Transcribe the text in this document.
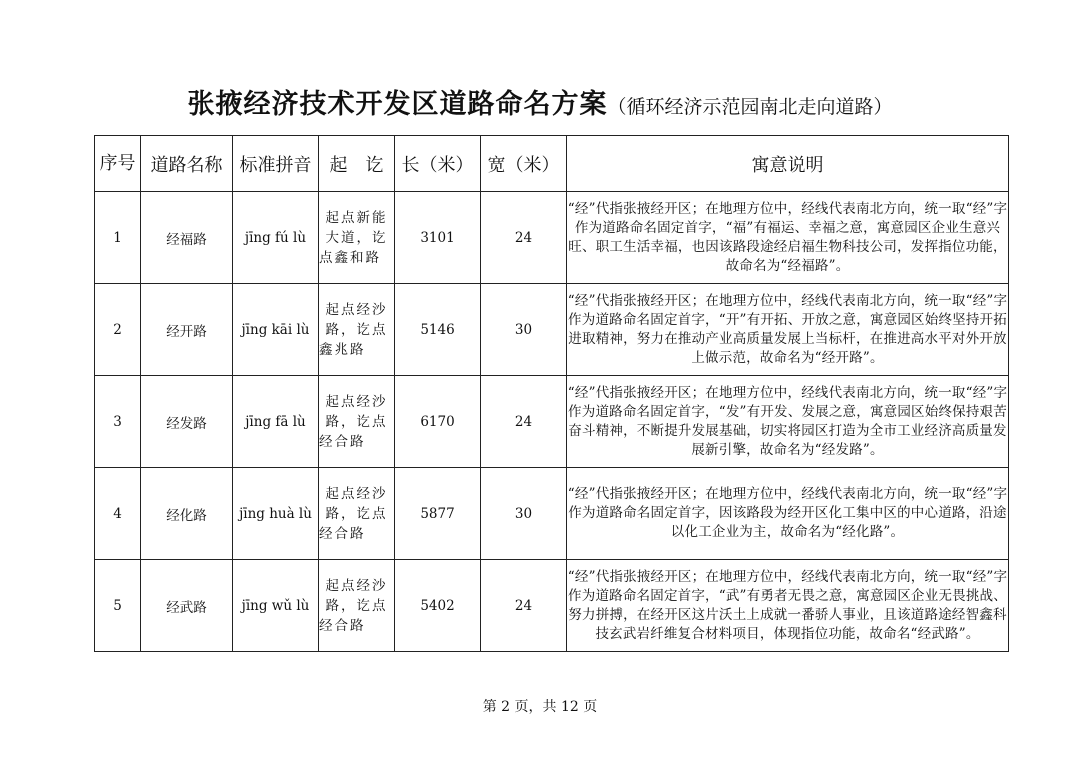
张掖经济技术开发区道路命名方案（循环经济示范园南北走向道路）
序号	道路名称	标准拼音	起　讫	长（米）	宽（米）	寓意说明
1	经福路	jīng fú lù	起点新能大道，讫点鑫和路	3101	24	“经”代指张掖经开区；在地理方位中，经线代表南北方向，统一取“经”字作为道路命名固定首字，“福”有福运、幸福之意，寓意园区企业生意兴旺、职工生活幸福，也因该路段途经启福生物科技公司，发挥指位功能，故命名为“经福路”。
2	经开路	jīng kāi lù	起点经沙路，讫点鑫兆路	5146	30	“经”代指张掖经开区；在地理方位中，经线代表南北方向，统一取“经”字作为道路命名固定首字，“开”有开拓、开放之意，寓意园区始终坚持开拓进取精神，努力在推动产业高质量发展上当标杆，在推进高水平对外开放上做示范，故命名为“经开路”。
3	经发路	jīng fā lù	起点经沙路，讫点经合路	6170	24	“经”代指张掖经开区；在地理方位中，经线代表南北方向，统一取“经”字作为道路命名固定首字，“发”有开发、发展之意，寓意园区始终保持艰苦奋斗精神，不断提升发展基础，切实将园区打造为全市工业经济高质量发展新引擎，故命名为“经发路”。
4	经化路	jīng huà lù	起点经沙路，讫点经合路	5877	30	“经”代指张掖经开区；在地理方位中，经线代表南北方向，统一取“经”字作为道路命名固定首字，因该路段为经开区化工集中区的中心道路，沿途以化工企业为主，故命名为“经化路”。
5	经武路	jīng wǔ lù	起点经沙路，讫点经合路	5402	24	“经”代指张掖经开区；在地理方位中，经线代表南北方向，统一取“经”字作为道路命名固定首字，“武”有勇者无畏之意，寓意园区企业无畏挑战、努力拼搏，在经开区这片沃土上成就一番骄人事业，且该道路途经智鑫科技玄武岩纤维复合材料项目，体现指位功能，故命名“经武路”。
第 2 页，共 12 页
